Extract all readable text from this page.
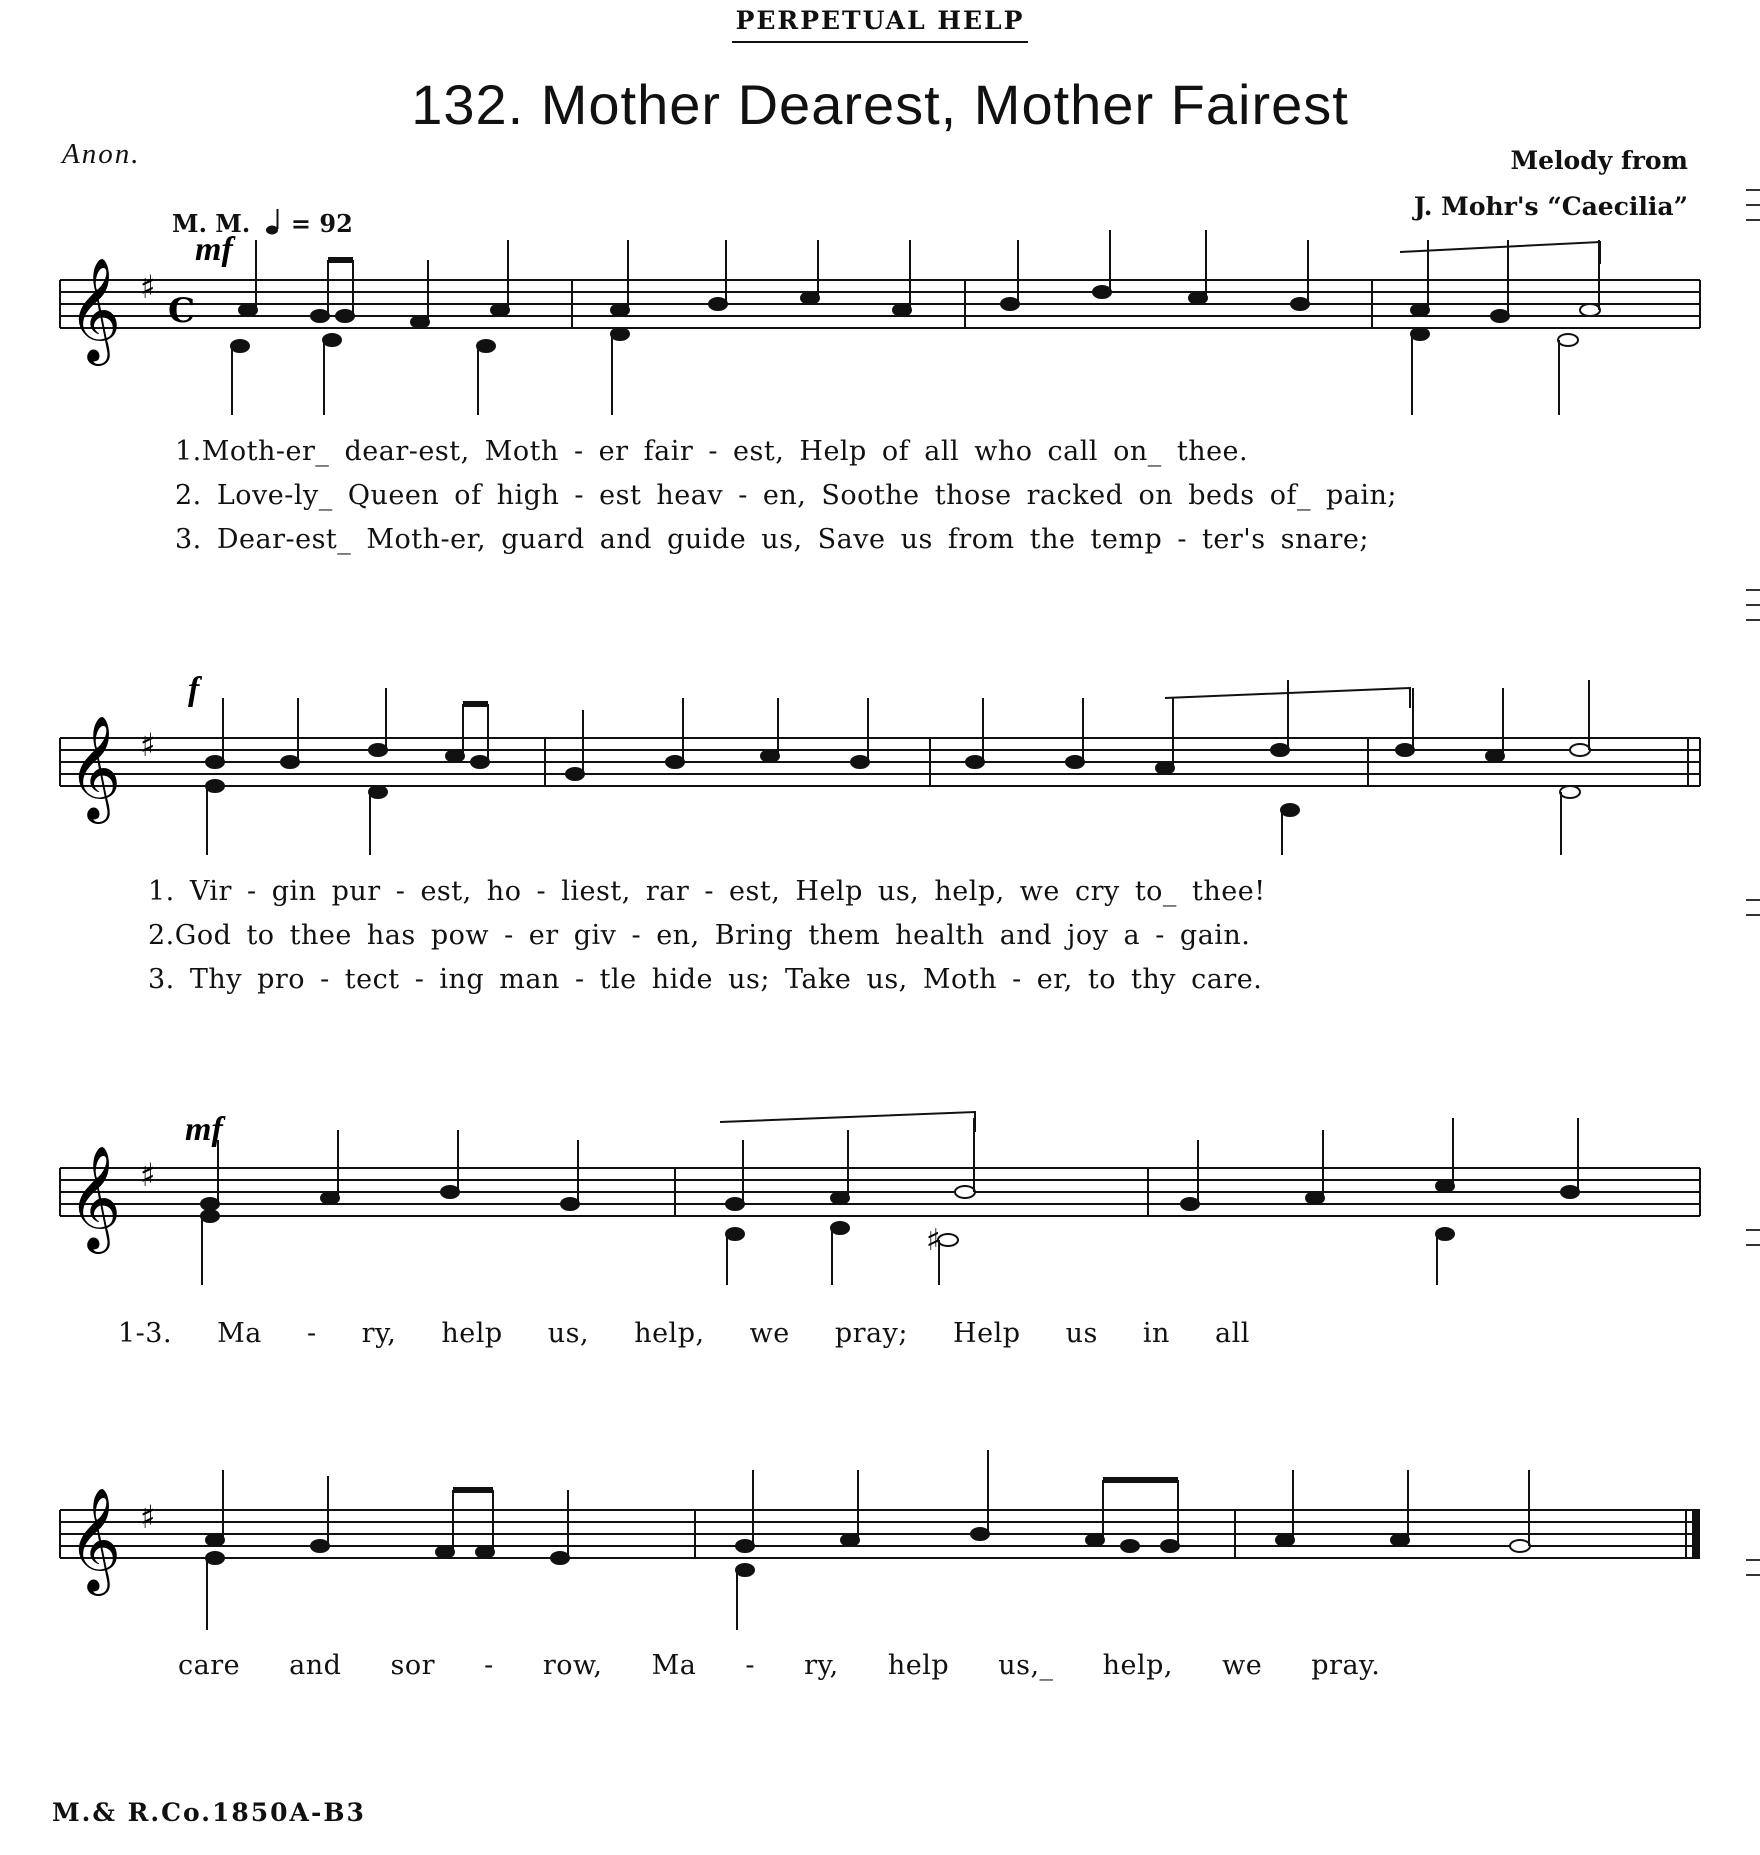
PERPETUAL HELP
132. Mother Dearest, Mother Fairest
Anon.	Melody from
J. Mohr's “Caecilia”
M. M. = 92
mf
𝄞 ♯
C
1.Moth-er_ dear-est, Moth - er fair - est, Help of all who call on_ thee.
2. Love-ly_ Queen of high - est heav - en, Soothe those racked on beds of_ pain;
3. Dear-est_ Moth-er, guard and guide us, Save us from the temp - ter's snare;
f
𝄞 ♯
1. Vir - gin pur - est, ho - liest, rar - est, Help us, help, we cry to_ thee!
2.God to thee has pow - er giv - en, Bring them health and joy a - gain.
3. Thy pro - tect - ing man - tle hide us; Take us, Moth - er, to thy care.
mf
𝄞 ♯
♯
1-3. Ma - ry, help us, help, we pray; Help us in all
𝄞 ♯
care and sor - row, Ma - ry, help us,_ help, we pray.
M.& R.Co.1850A-B3
